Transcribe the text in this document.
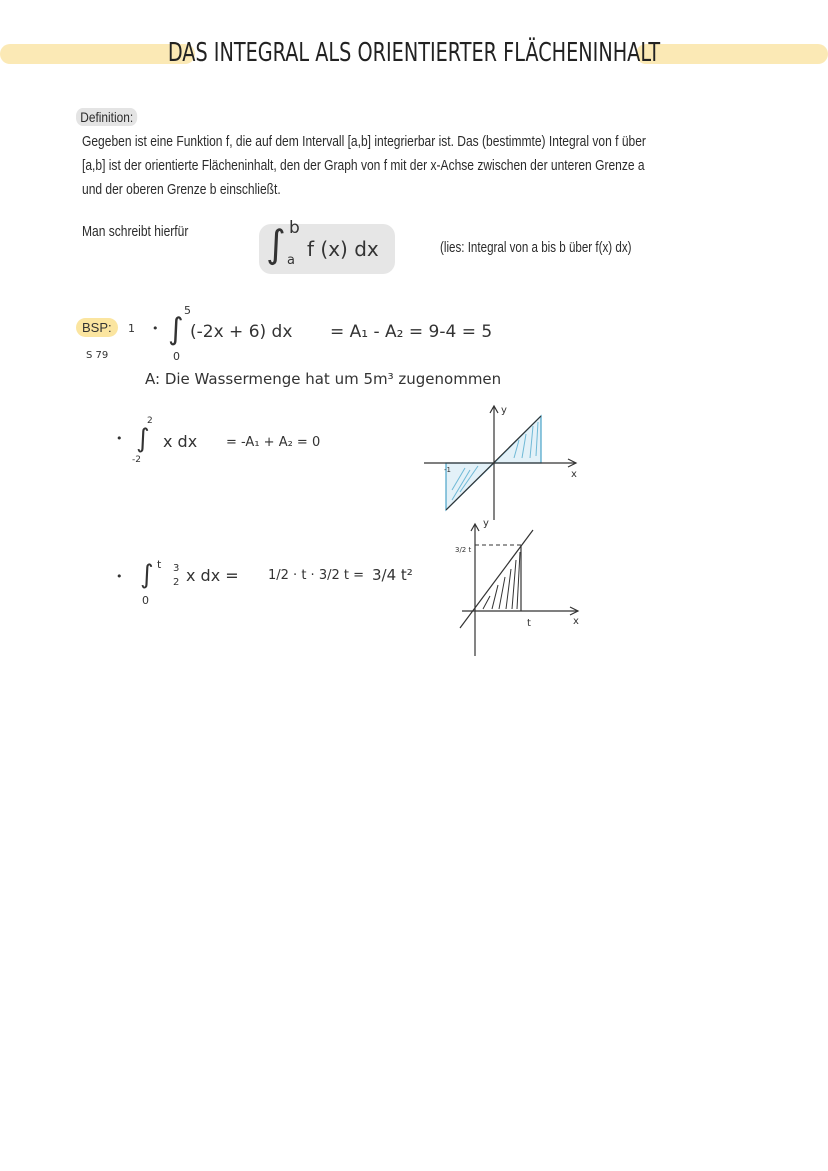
DAS INTEGRAL ALS ORIENTIERTER FLÄCHENINHALT
Definition:
Gegeben ist eine Funktion f, die auf dem Intervall [a,b] integrierbar ist. Das (bestimmte) Integral von f über
[a,b] ist der orientierte Flächeninhalt, den der Graph von f mit der x-Achse zwischen der unteren Grenze a
und der oberen Grenze b einschließt.
Man schreibt hierfür ∫ b
a f (x) dx	(lies: Integral von a bis b über f(x) dx)
BSP:
S 79
1 • ∫
5
0
(-2x + 6) dx = A₁ - A₂ = 9-4 = 5
A: Die Wassermenge hat um 5m³ zugenommen
• ∫
2
-2
x dx = -A₁ + A₂ = 0
• ∫ t
0
3
2 x dx = 1/2 · t · 3/2 t = 3/4 t²
-1
y
x
3/2 t
t
y
x
